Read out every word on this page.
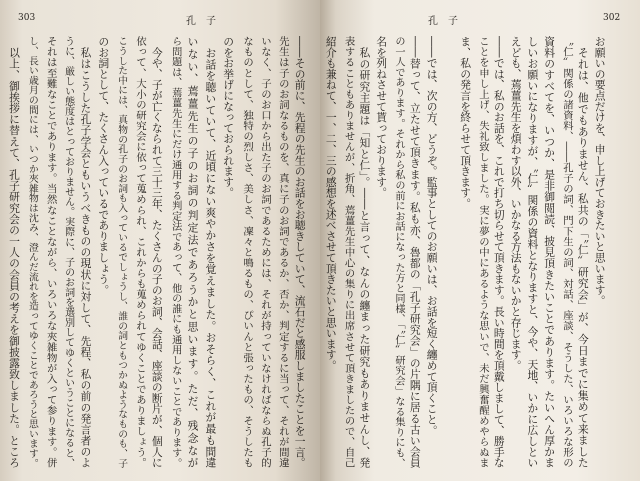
303	孔　子
――その前に、先程の先生のお話をお聴きしていて、流石だと感服しましたことを一言。
先生は子のお詞なるものを、真に子のお詞であるか、否か、判定するに当って、それが間違
いなく、子のお口から出た子のお詞であるためには、それが持っていなければならぬ孔子的
なものとして、独特の烈しさ、美しさ、凜々と鳴るもの、ぴいんと張ったもの、そうしたも
のをお挙げになっておられます。
　お話を聴いていて、近頃にない爽やかさを覚えました。おそらく、これが最も間違
いない、蔫薑先生の子のお詞の判定法であろうかと思います。ただ、残念なが
ら問題は、蔫薑先生にだけ通用する判定法であって、他の誰にも通用しないことであります。
　今や、子が亡くなられて三十三年、たくさんの子のお詞、会話、座談の断片が、個人に
依って、大小の研究会に依って蒐められ、これからも蒐められてゆくことでありましょう。
こうした中には、真物の孔子のお詞も入っているでしょうし、誰の詞ともつかぬようなものも、子
のお詞として、たくさん入っているでありましょう。
　私はこうした孔子学会ともいうべきものの現状に対して、先程、私の前の発言者のよ
うに、厳しい態度はとっておりません。実際に、子のお詞を選別してゆくということになると、
それは至難なことであります。当然なことながら、いろいろな夾雑物が入って参ります。併
し、長い歳月の間には、いつか夾雑物は沈み、澄んだ流れを造ってゆくことであろうと思います。
　以上、御挨拶に替えて、孔子研究会の一人の会員の考えを御披露致しました。ところ
孔　子	302
お願いの要点だけを、申し上げておきたいと思います。
　それは、他でもありません、私共の「〝仁〟研究会」が、今日までに集めて来ました
〝仁〟関係の諸資料、――孔子の詞、門下生の詞、対話、座談、そうした、いろいろな形の
資料のすべてを、いつか、是非御閲読、披見頂きたいことであります。たいへん厚かま
しいお願いになりますが、〝仁〟関係の資料となりますと、今や、天地、いかに広しとい
えども、蔫薑先生を煩わす以外、いかなる方法もないかと存じます。
――では、私のお話を、これで打ち切らせて頂きます。長い時間を頂戴しまして、勝手な
ことを申し上げ、失礼致しました。実に夢の中にあるような思いで、未だ興奮醒めやらぬま
ま、私の発言を終らせて頂きます。
――では、次の方、どうぞ。監事としてのお願いは、お話を短く纏めて頂くこと。
――替って、立たせて頂きます。私も亦、魯都の「孔子研究会」の片隅に居る古い会員
の一人であります。それから私の前にお話になった方と同様、「〝仁〟研究会」なる集りにも、
名を列ねさせて貰っております。
　私の研究主題は「知と仁」。――と言って、なんの纏まった研究もありませんし、発
表することもありませんが、折角、蔫薑先生中心の集りに出席させて頂きましたので、自己
紹介も兼ねて、一、二、三の感想を述べさせて頂きたいと思います。
